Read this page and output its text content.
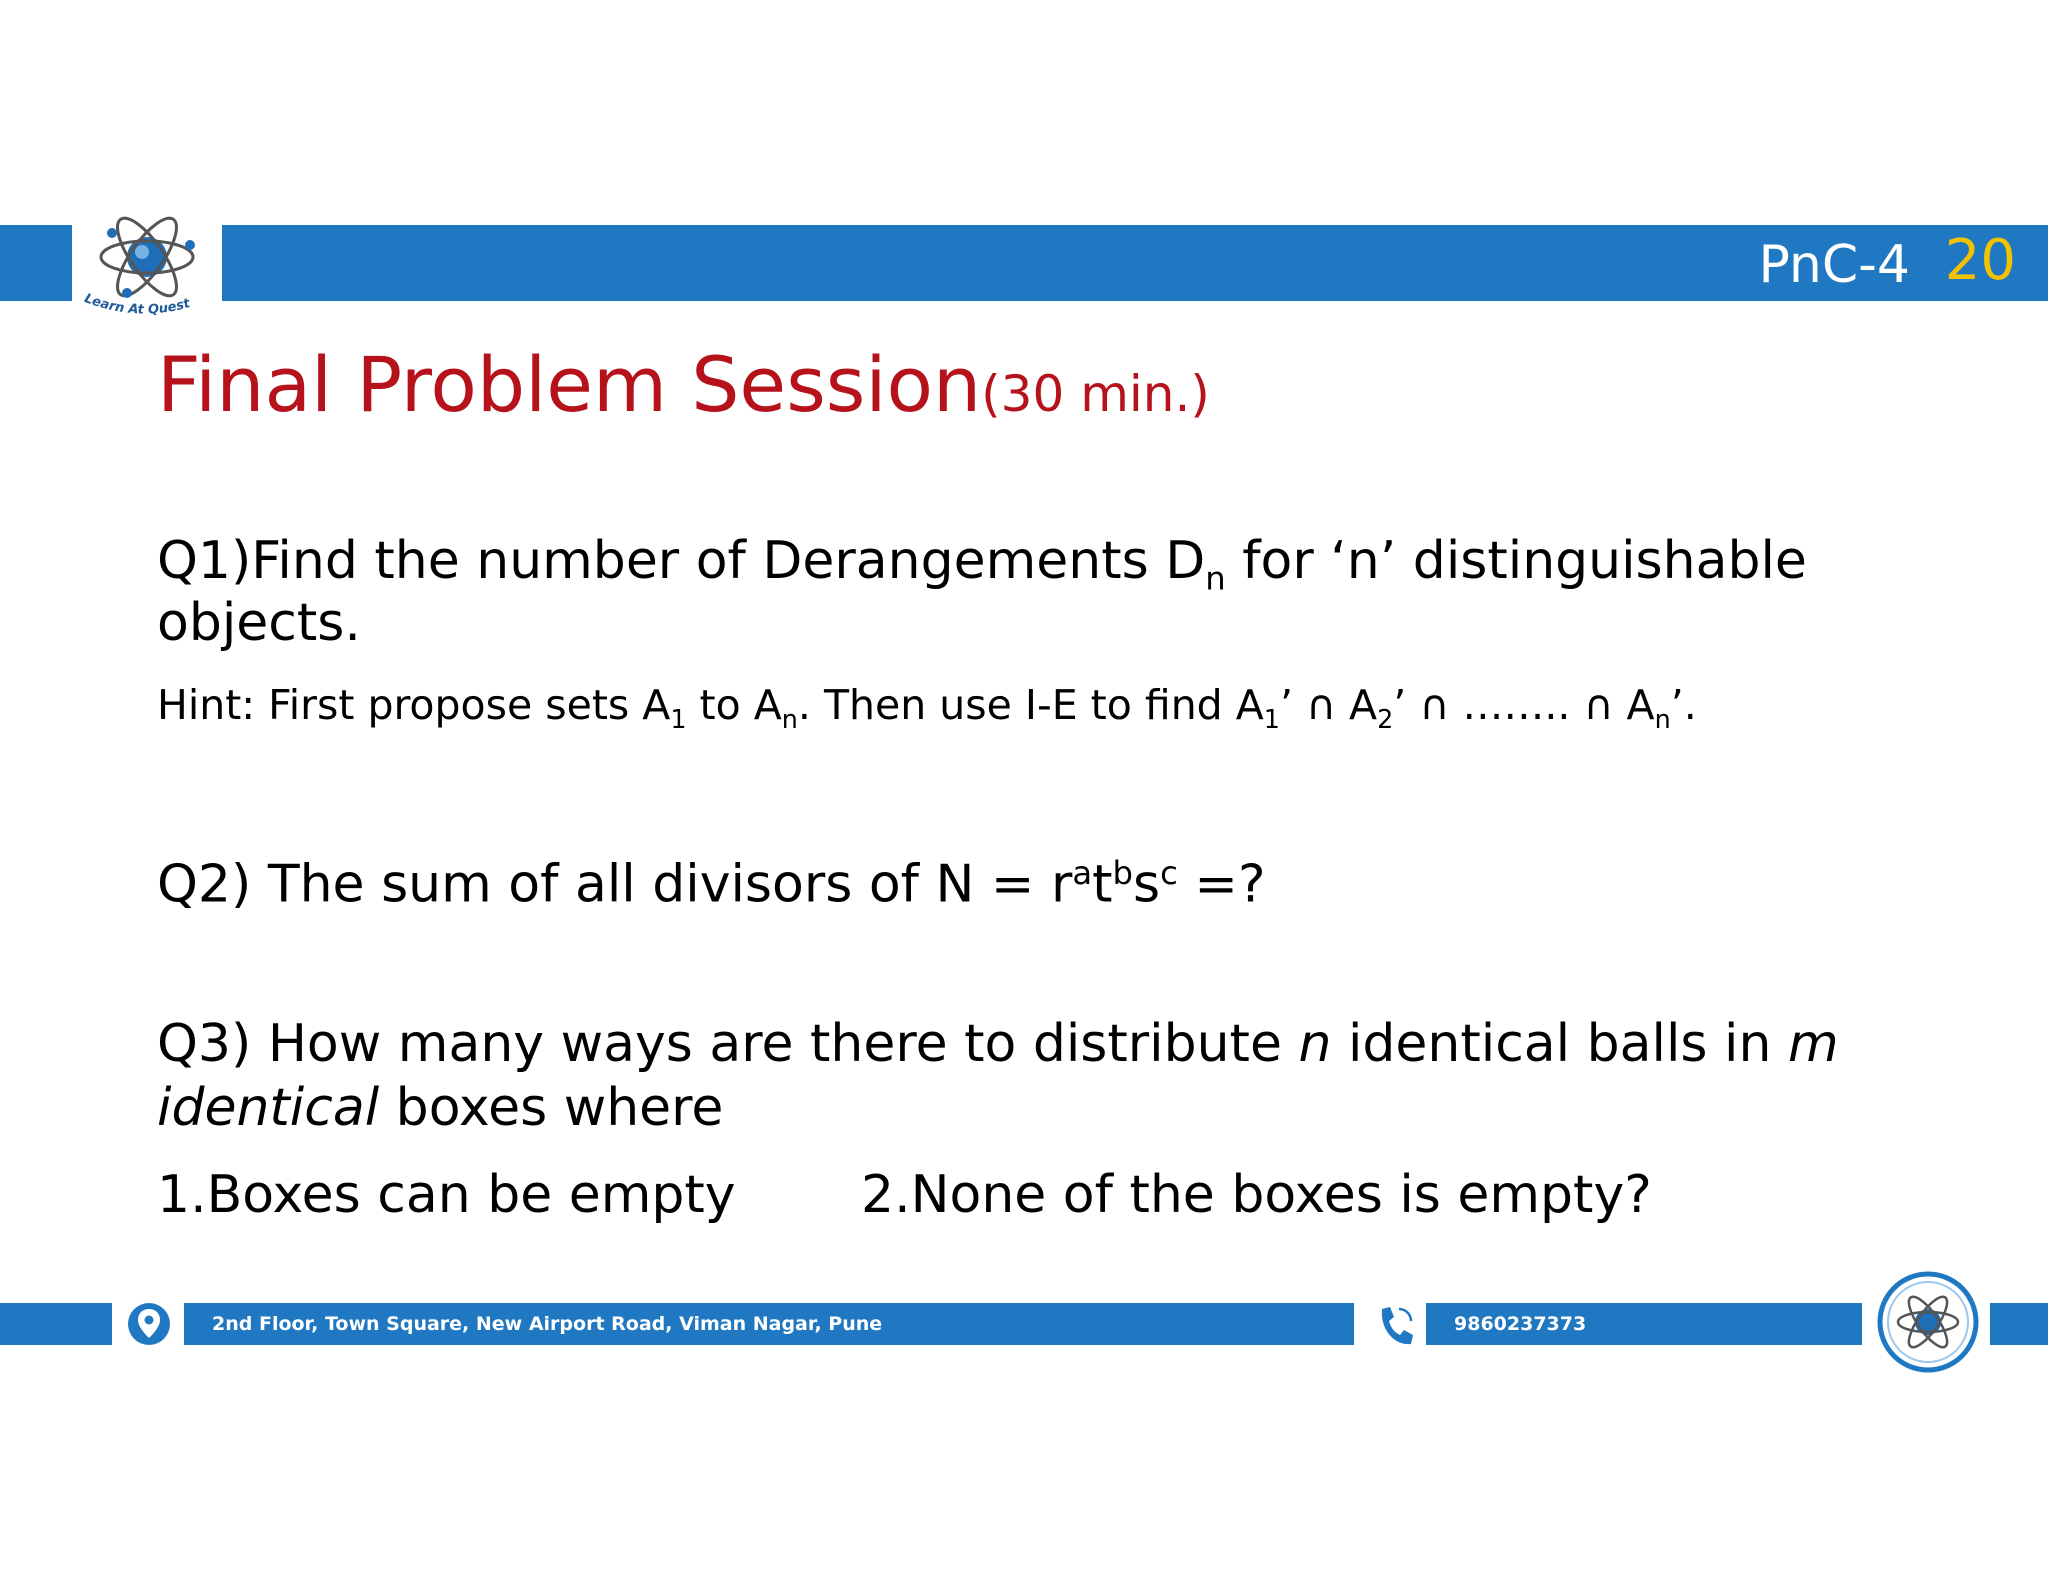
Learn At Quest
PnC-4 20
Final Problem Session(30 min.)
Q1)Find the number of Derangements $D_n$ for ‘n’ distinguishable
objects.
Hint: First propose sets $A_1$ to $A_n$. Then use I-E to find $A_1$’ ∩ $A_2$’ ∩ …….. ∩ $A_n$’.
Q2) The sum of all divisors of $N = r^at^bs^c$ =?
Q3) How many ways are there to distribute n identical balls in m
identical boxes where
1.Boxes can be empty 2.None of the boxes is empty?
2nd Floor, Town Square, New Airport Road, Viman Nagar, Pune	9860237373
